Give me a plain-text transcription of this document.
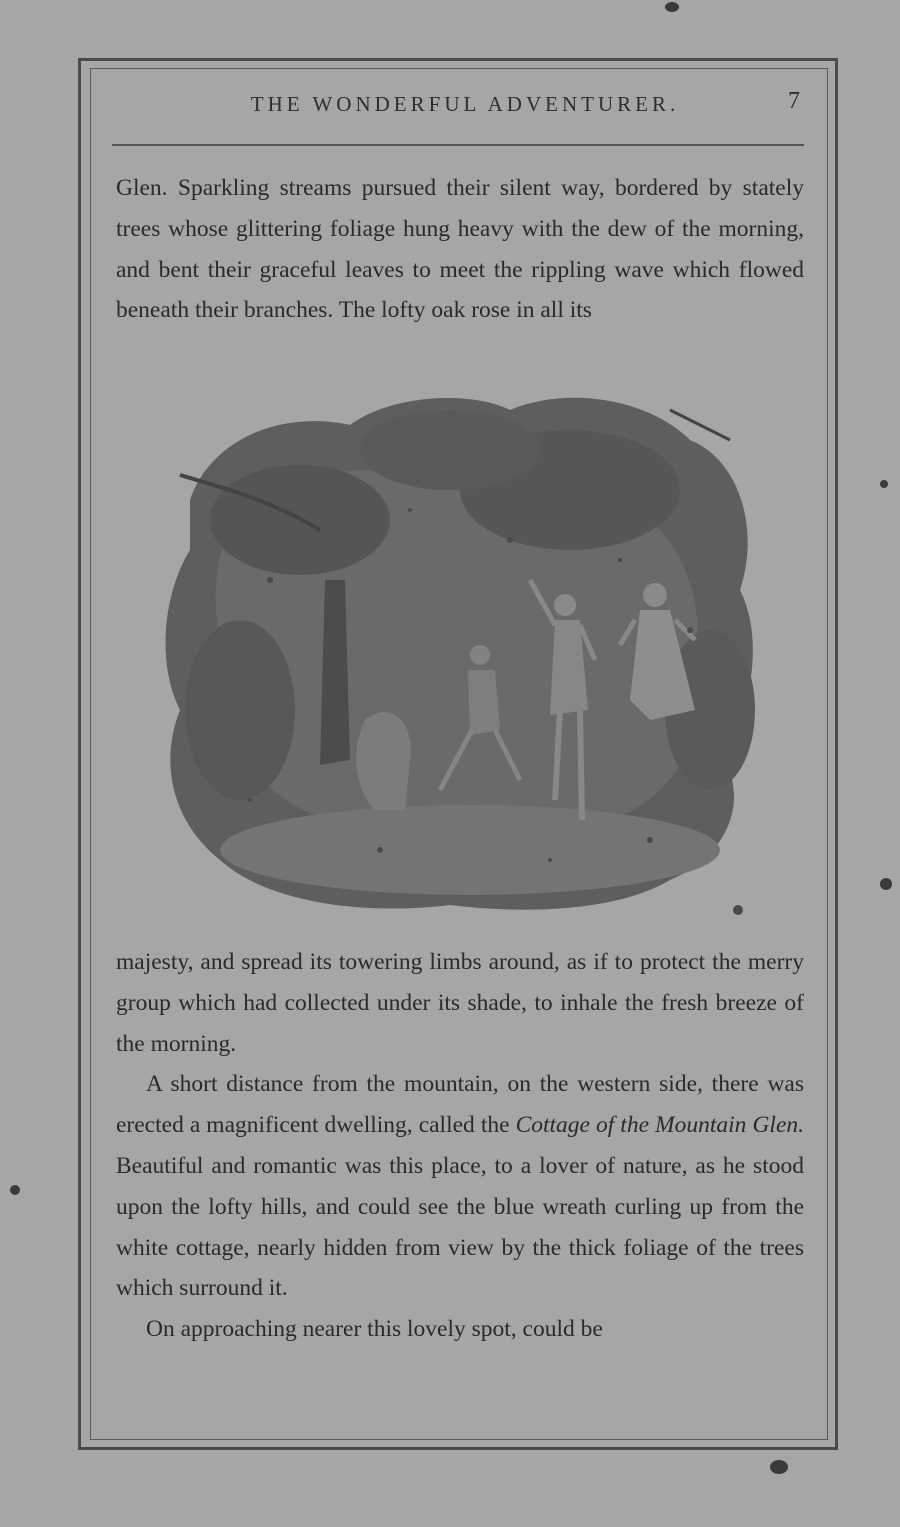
THE WONDERFUL ADVENTURER.	7

Glen. Sparkling streams pursued their silent way, bordered by stately trees whose glittering foliage hung heavy with the dew of the morning, and bent their graceful leaves to meet the rippling wave which flowed beneath their branches. The lofty oak rose in all its

majesty, and spread its towering limbs around, as if to protect the merry group which had collected under its shade, to inhale the fresh breeze of the morning.

A short distance from the mountain, on the western side, there was erected a magnificent dwelling, called the Cottage of the Mountain Glen. Beautiful and romantic was this place, to a lover of nature, as he stood upon the lofty hills, and could see the blue wreath curling up from the white cottage, nearly hidden from view by the thick foliage of the trees which surround it.

On approaching nearer this lovely spot, could be
